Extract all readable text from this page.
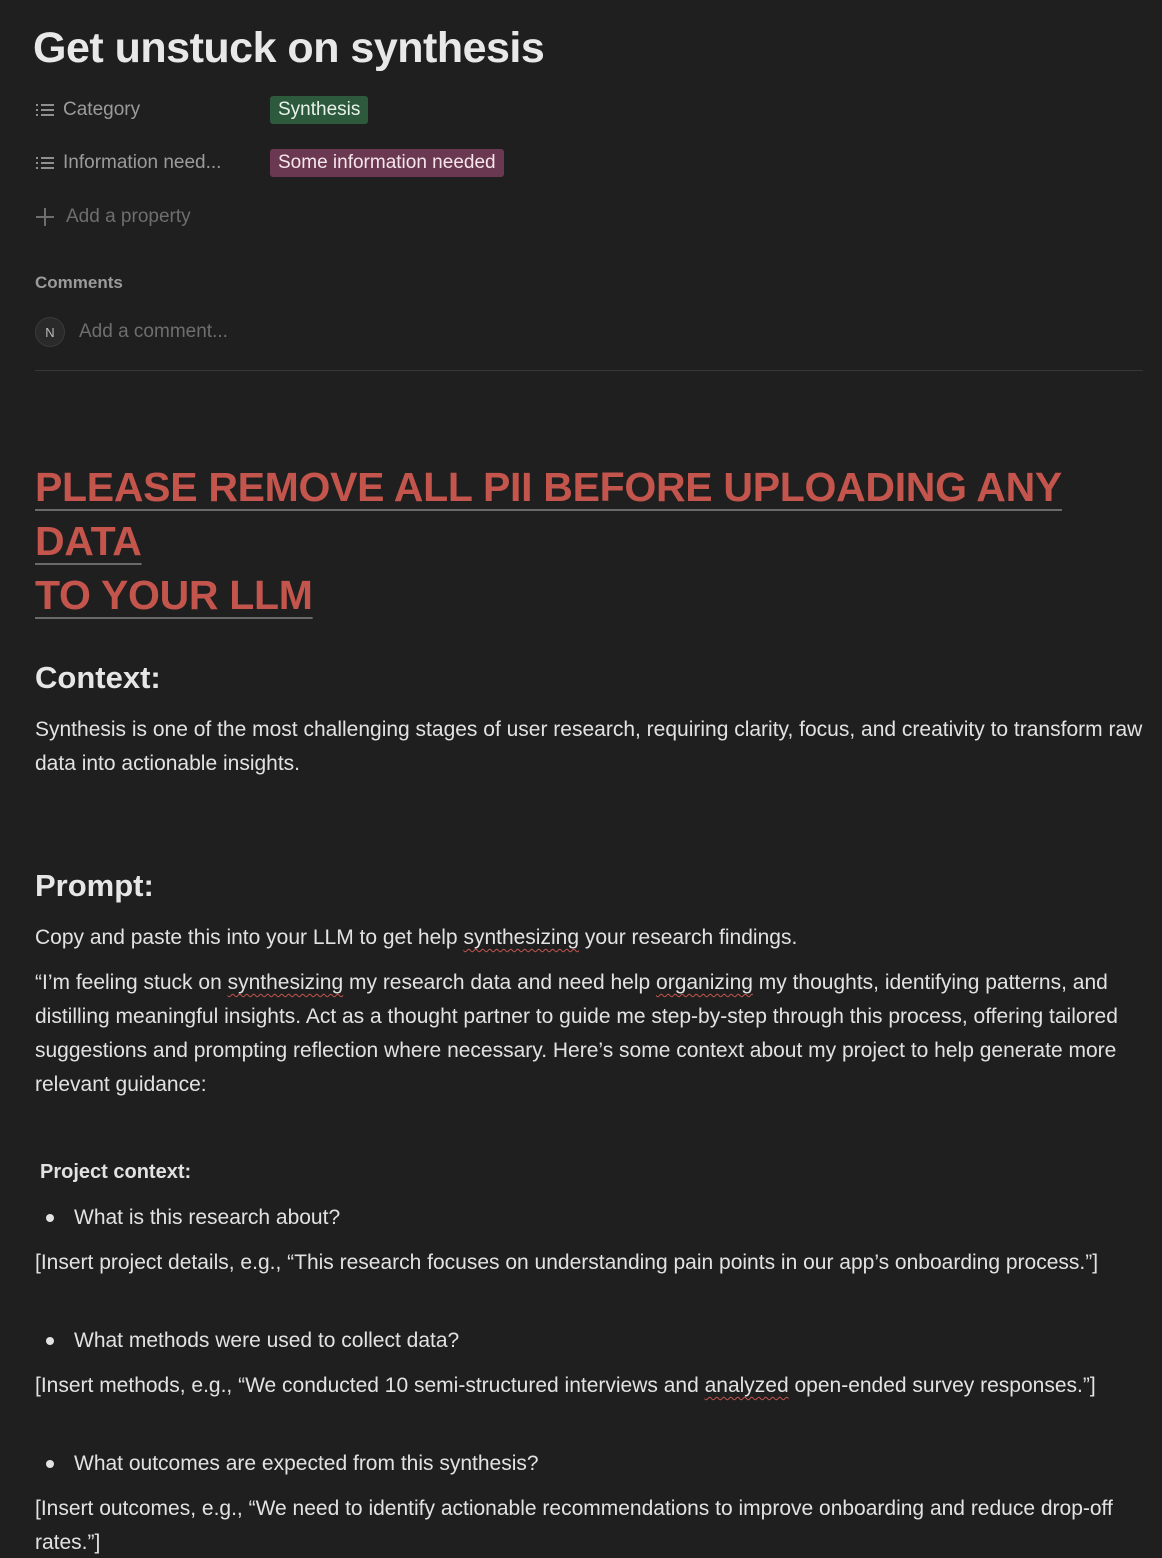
Get unstuck on synthesis
Category	Synthesis
Information need...	Some information needed
Add a property
Comments
N	Add a comment...
PLEASE REMOVE ALL PII BEFORE UPLOADING ANY DATA
TO YOUR LLM
Context:
Synthesis is one of the most challenging stages of user research, requiring clarity, focus, and creativity to transform raw data into actionable insights.
Prompt:
Copy and paste this into your LLM to get help synthesizing your research findings.
“I’m feeling stuck on synthesizing my research data and need help organizing my thoughts, identifying patterns, and distilling meaningful insights. Act as a thought partner to guide me step-by-step through this process, offering tailored suggestions and prompting reflection where necessary. Here’s some context about my project to help generate more relevant guidance:
Project context:
What is this research about?
[Insert project details, e.g., “This research focuses on understanding pain points in our app’s onboarding process.”]
What methods were used to collect data?
[Insert methods, e.g., “We conducted 10 semi-structured interviews and analyzed open-ended survey responses.”]
What outcomes are expected from this synthesis?
[Insert outcomes, e.g., “We need to identify actionable recommendations to improve onboarding and reduce drop-off rates.”]
